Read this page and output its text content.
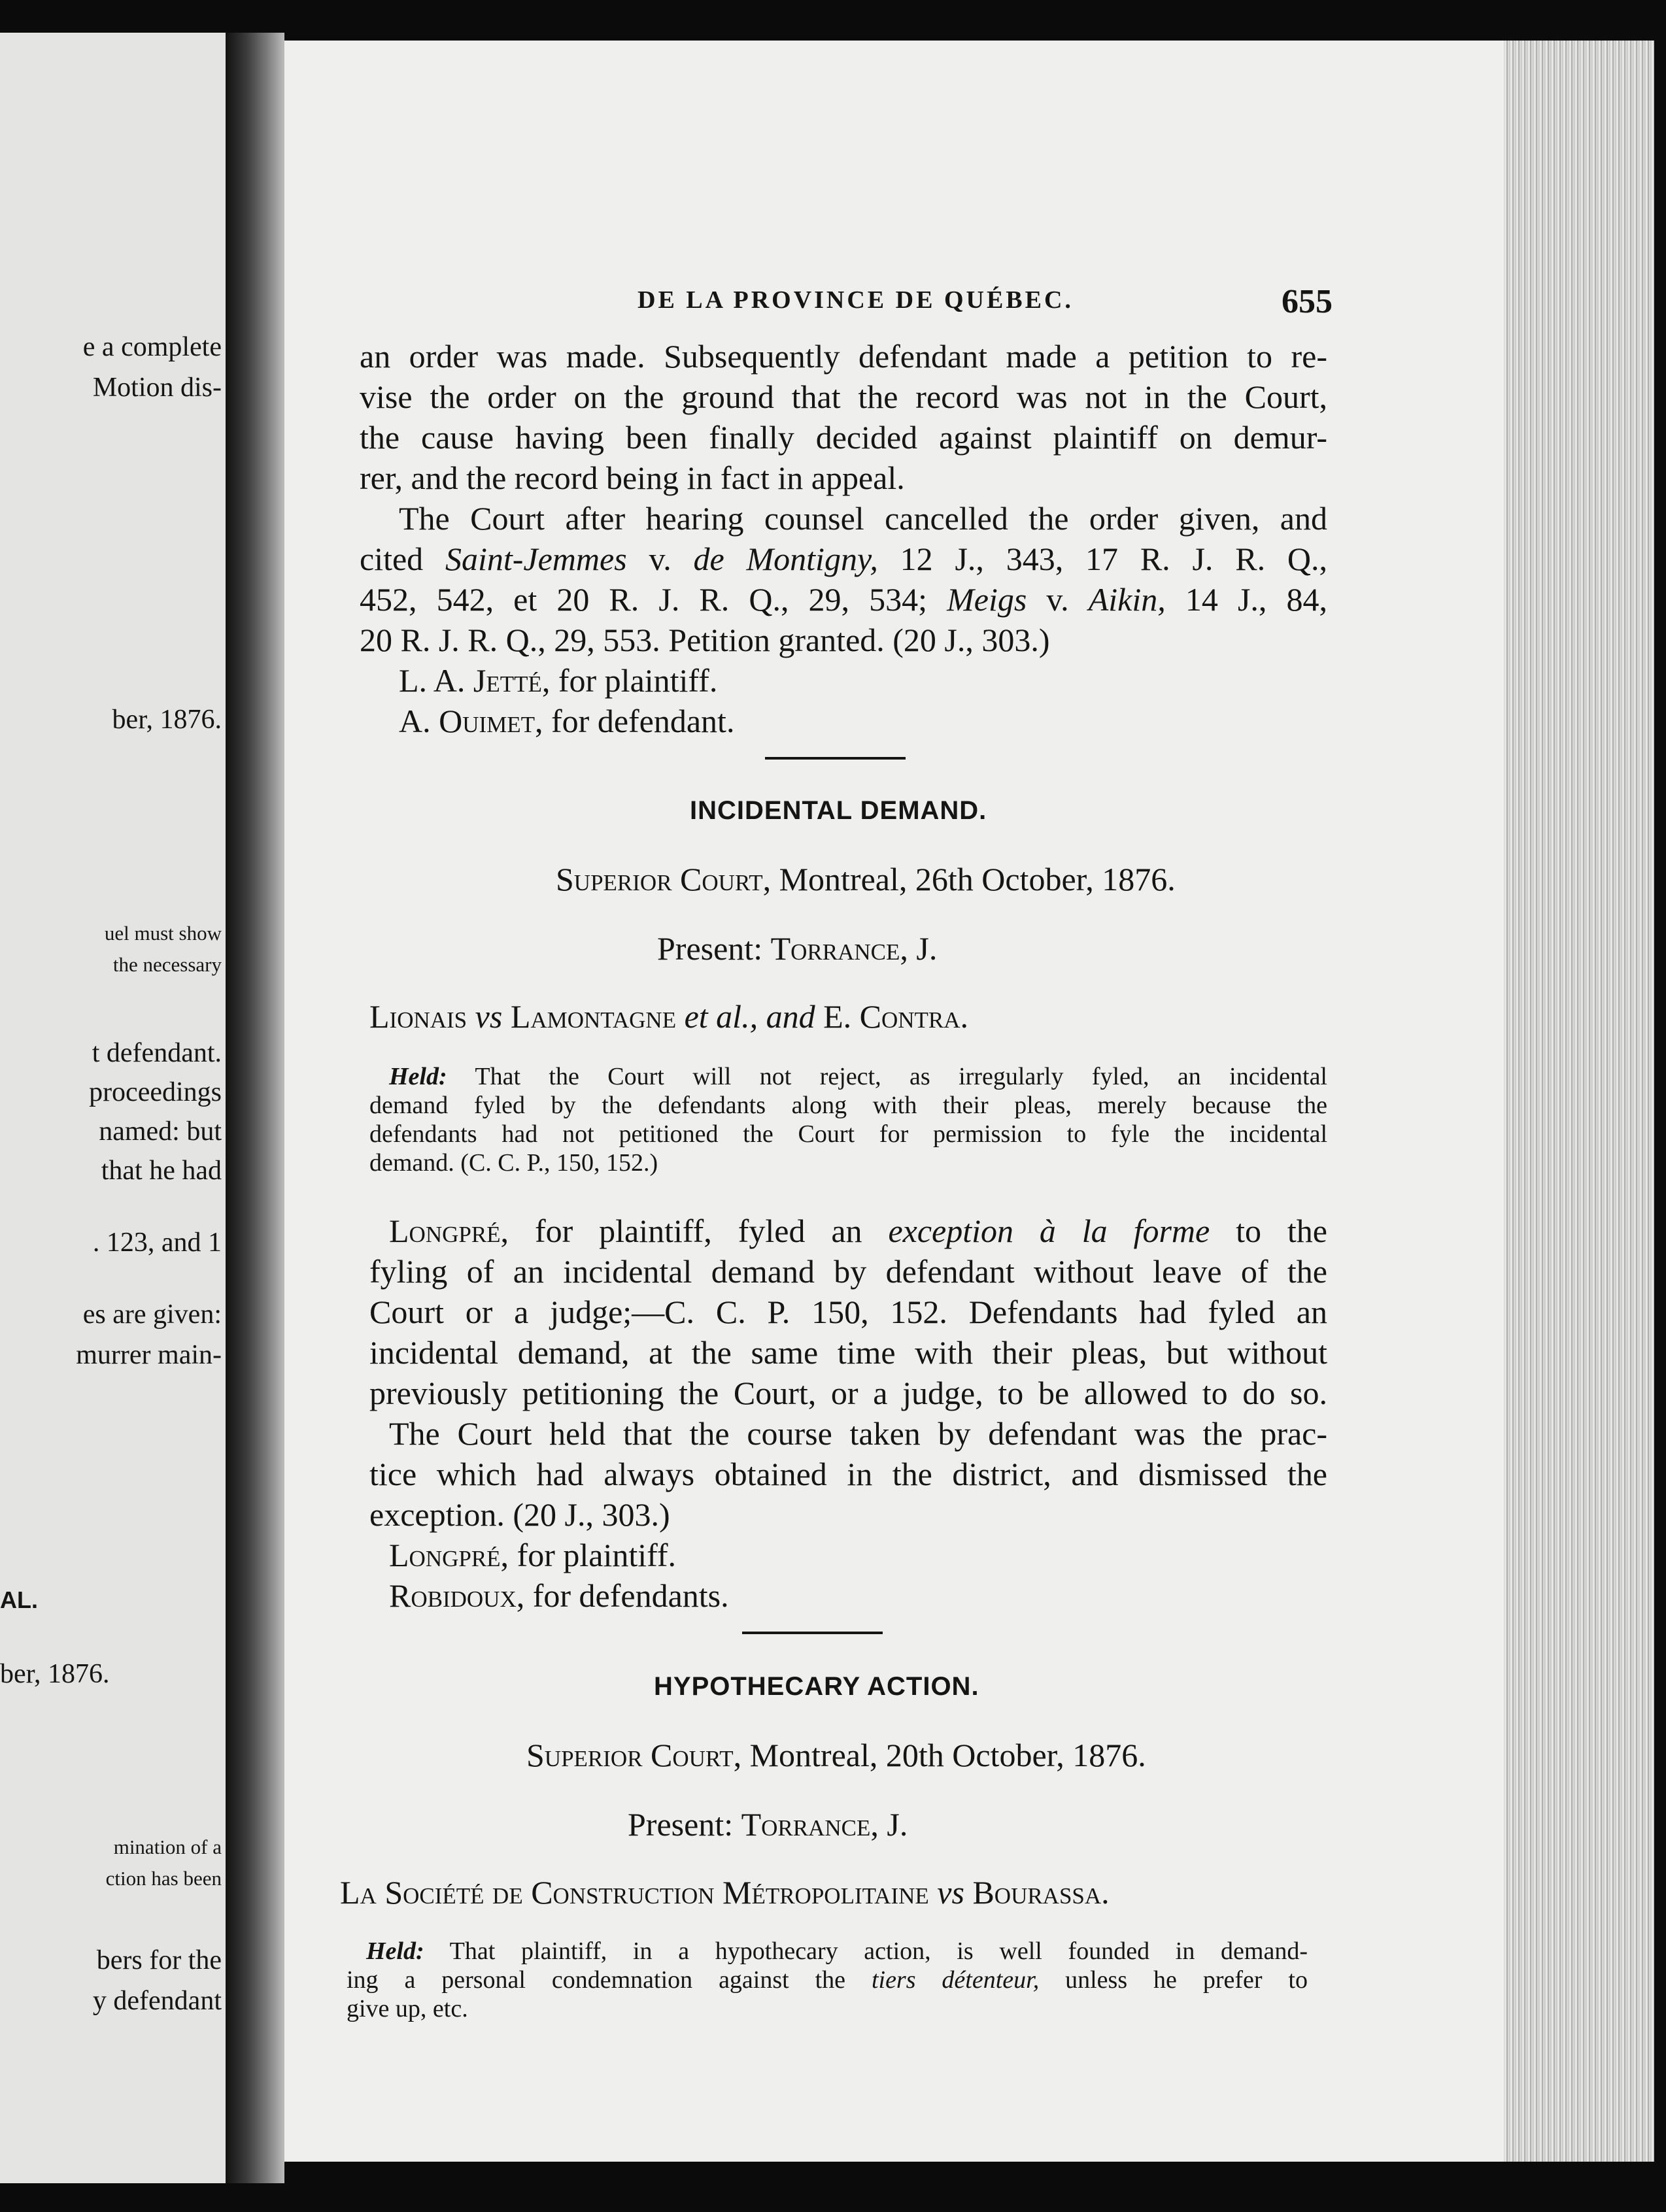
e a complete
Motion dis-
ber, 1876.
uel must show
the necessary
t defendant.
proceedings
named: but
that he had
. 123, and 1
es are given:
murrer main-
AL.
ber, 1876.
mination of a
ction has been
bers for the
y defendant
DE LA PROVINCE DE QUÉBEC.	655
an order was made. Subsequently defendant made a petition to re-
vise the order on the ground that the record was not in the Court,
the cause having been finally decided against plaintiff on demur-
rer, and the record being in fact in appeal.
The Court after hearing counsel cancelled the order given, and
cited Saint-Jemmes v. de Montigny, 12 J., 343, 17 R. J. R. Q.,
452, 542, et 20 R. J. R. Q., 29, 534; Meigs v. Aikin, 14 J., 84,
20 R. J. R. Q., 29, 553. Petition granted. (20 J., 303.)
L. A. Jetté, for plaintiff.
A. Ouimet, for defendant.
INCIDENTAL DEMAND.
Superior Court, Montreal, 26th October, 1876.
Present: Torrance, J.
Lionais vs Lamontagne et al., and E. Contra.
Held: That the Court will not reject, as irregularly fyled, an incidental
demand fyled by the defendants along with their pleas, merely because the
defendants had not petitioned the Court for permission to fyle the incidental
demand. (C. C. P., 150, 152.)
Longpré, for plaintiff, fyled an exception à la forme to the
fyling of an incidental demand by defendant without leave of the
Court or a judge;—C. C. P. 150, 152. Defendants had fyled an
incidental demand, at the same time with their pleas, but without
previously petitioning the Court, or a judge, to be allowed to do so.
The Court held that the course taken by defendant was the prac-
tice which had always obtained in the district, and dismissed the
exception. (20 J., 303.)
Longpré, for plaintiff.
Robidoux, for defendants.
HYPOTHECARY ACTION.
Superior Court, Montreal, 20th October, 1876.
Present: Torrance, J.
La Société de Construction Métropolitaine vs Bourassa.
Held: That plaintiff, in a hypothecary action, is well founded in demand-
ing a personal condemnation against the tiers détenteur, unless he prefer to
give up, etc.
